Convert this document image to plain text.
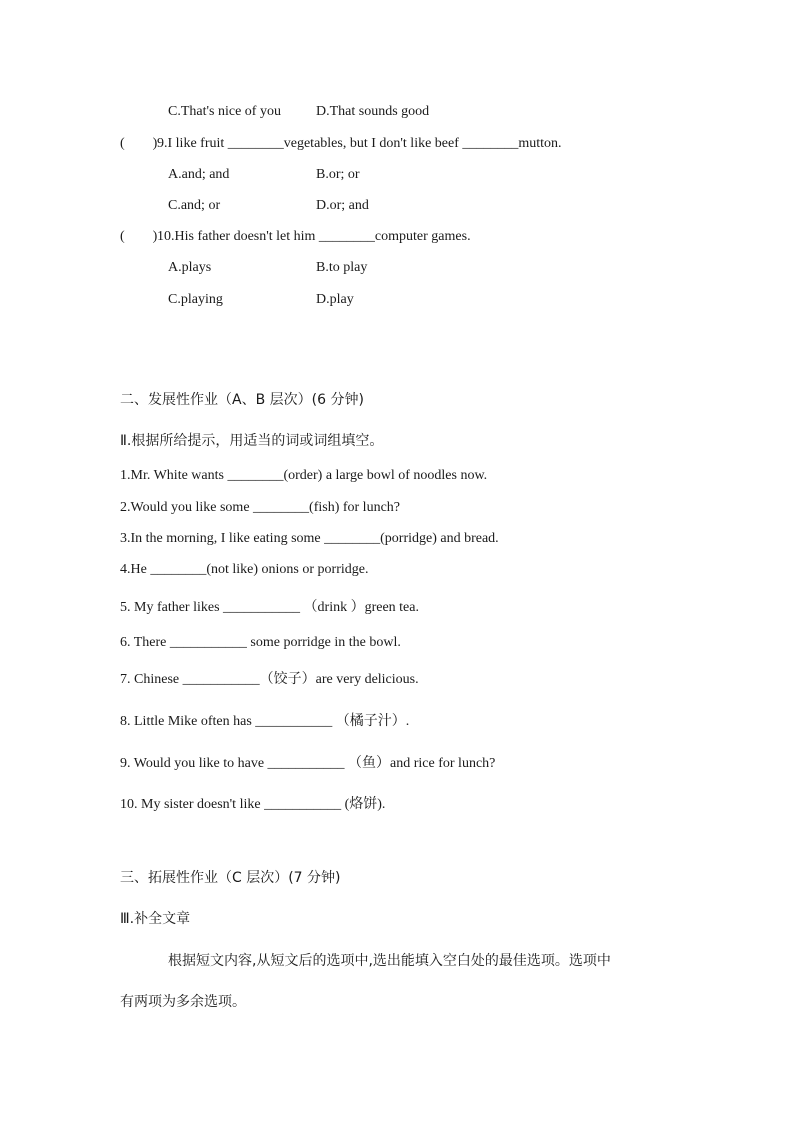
C.That's nice of you	D.That sounds good
(        ) 9.I like fruit ________vegetables, but I don't like beef ________mutton.
A.and; and	B.or; or
C.and; or	D.or; and
(        ) 10.His father doesn't let him ________computer games.
A.plays	B.to play
C.playing	D.play
二、发展性作业（A、B 层次）(6 分钟)
Ⅱ.根据所给提示，用适当的词或词组填空。
1.Mr. White wants ________(order) a large bowl of noodles now.
2.Would you like some ________(fish) for lunch?
3.In the morning, I like eating some ________(porridge) and bread.
4.He ________(not like) onions or porridge.
5. My father likes ___________ （drink ）green tea.
6. There ___________ some porridge in the bowl.
7. Chinese ___________（饺子）are very delicious.
8. Little Mike often has ___________ （橘子汁）.
9. Would you like to have ___________ （鱼）and rice for lunch?
10. My sister doesn't like ___________ (烙饼).
三、拓展性作业（C 层次）(7 分钟)
Ⅲ.补全文章
根据短文内容,从短文后的选项中,选出能填入空白处的最佳选项。选项中
有两项为多余选项。
